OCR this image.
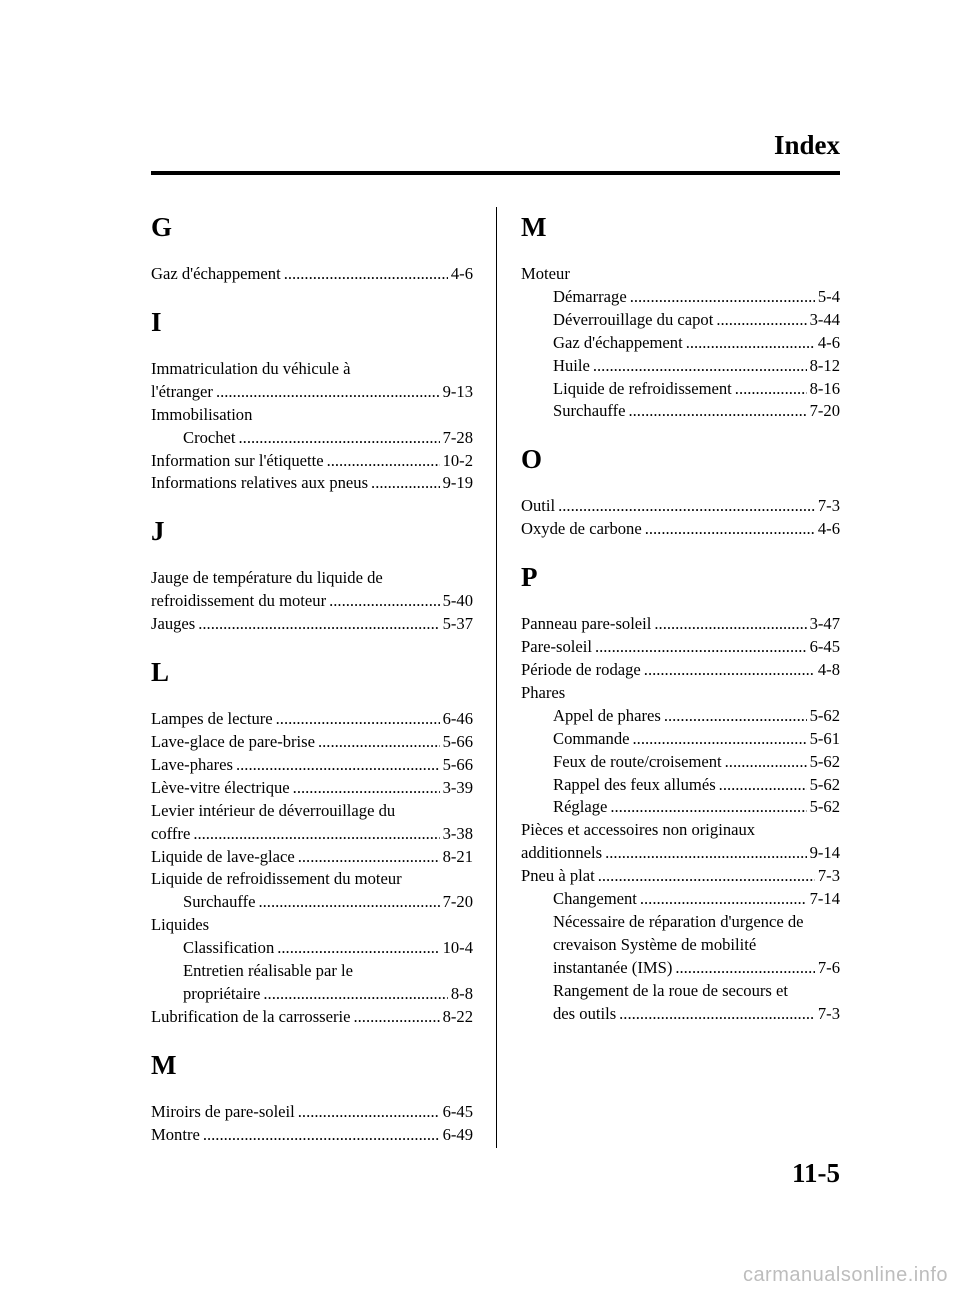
Index
G
Gaz d'échappement .....	4-6
I
Immatriculation du véhicule à
l'étranger .....	9-13
Immobilisation
Crochet .....	7-28
Information sur l'étiquette .....	10-2
Informations relatives aux pneus .....	9-19
J
Jauge de température du liquide de
refroidissement du moteur .....	5-40
Jauges .....	5-37
L
Lampes de lecture .....	6-46
Lave-glace de pare-brise .....	5-66
Lave-phares .....	5-66
Lève-vitre électrique .....	3-39
Levier intérieur de déverrouillage du
coffre .....	3-38
Liquide de lave-glace .....	8-21
Liquide de refroidissement du moteur
Surchauffe .....	7-20
Liquides
Classification .....	10-4
Entretien réalisable par le
propriétaire .....	8-8
Lubrification de la carrosserie .....	8-22
M
Miroirs de pare-soleil .....	6-45
Montre .....	6-49
M
Moteur
Démarrage .....	5-4
Déverrouillage du capot .....	3-44
Gaz d'échappement .....	4-6
Huile .....	8-12
Liquide de refroidissement .....	8-16
Surchauffe .....	7-20
O
Outil .....	7-3
Oxyde de carbone .....	4-6
P
Panneau pare-soleil .....	3-47
Pare-soleil .....	6-45
Période de rodage .....	4-8
Phares
Appel de phares .....	5-62
Commande .....	5-61
Feux de route/croisement .....	5-62
Rappel des feux allumés .....	5-62
Réglage .....	5-62
Pièces et accessoires non originaux
additionnels .....	9-14
Pneu à plat .....	7-3
Changement .....	7-14
Nécessaire de réparation d'urgence de
crevaison Système de mobilité
instantanée (IMS) .....	7-6
Rangement de la roue de secours et
des outils .....	7-3
11-5
carmanualsonline.info
